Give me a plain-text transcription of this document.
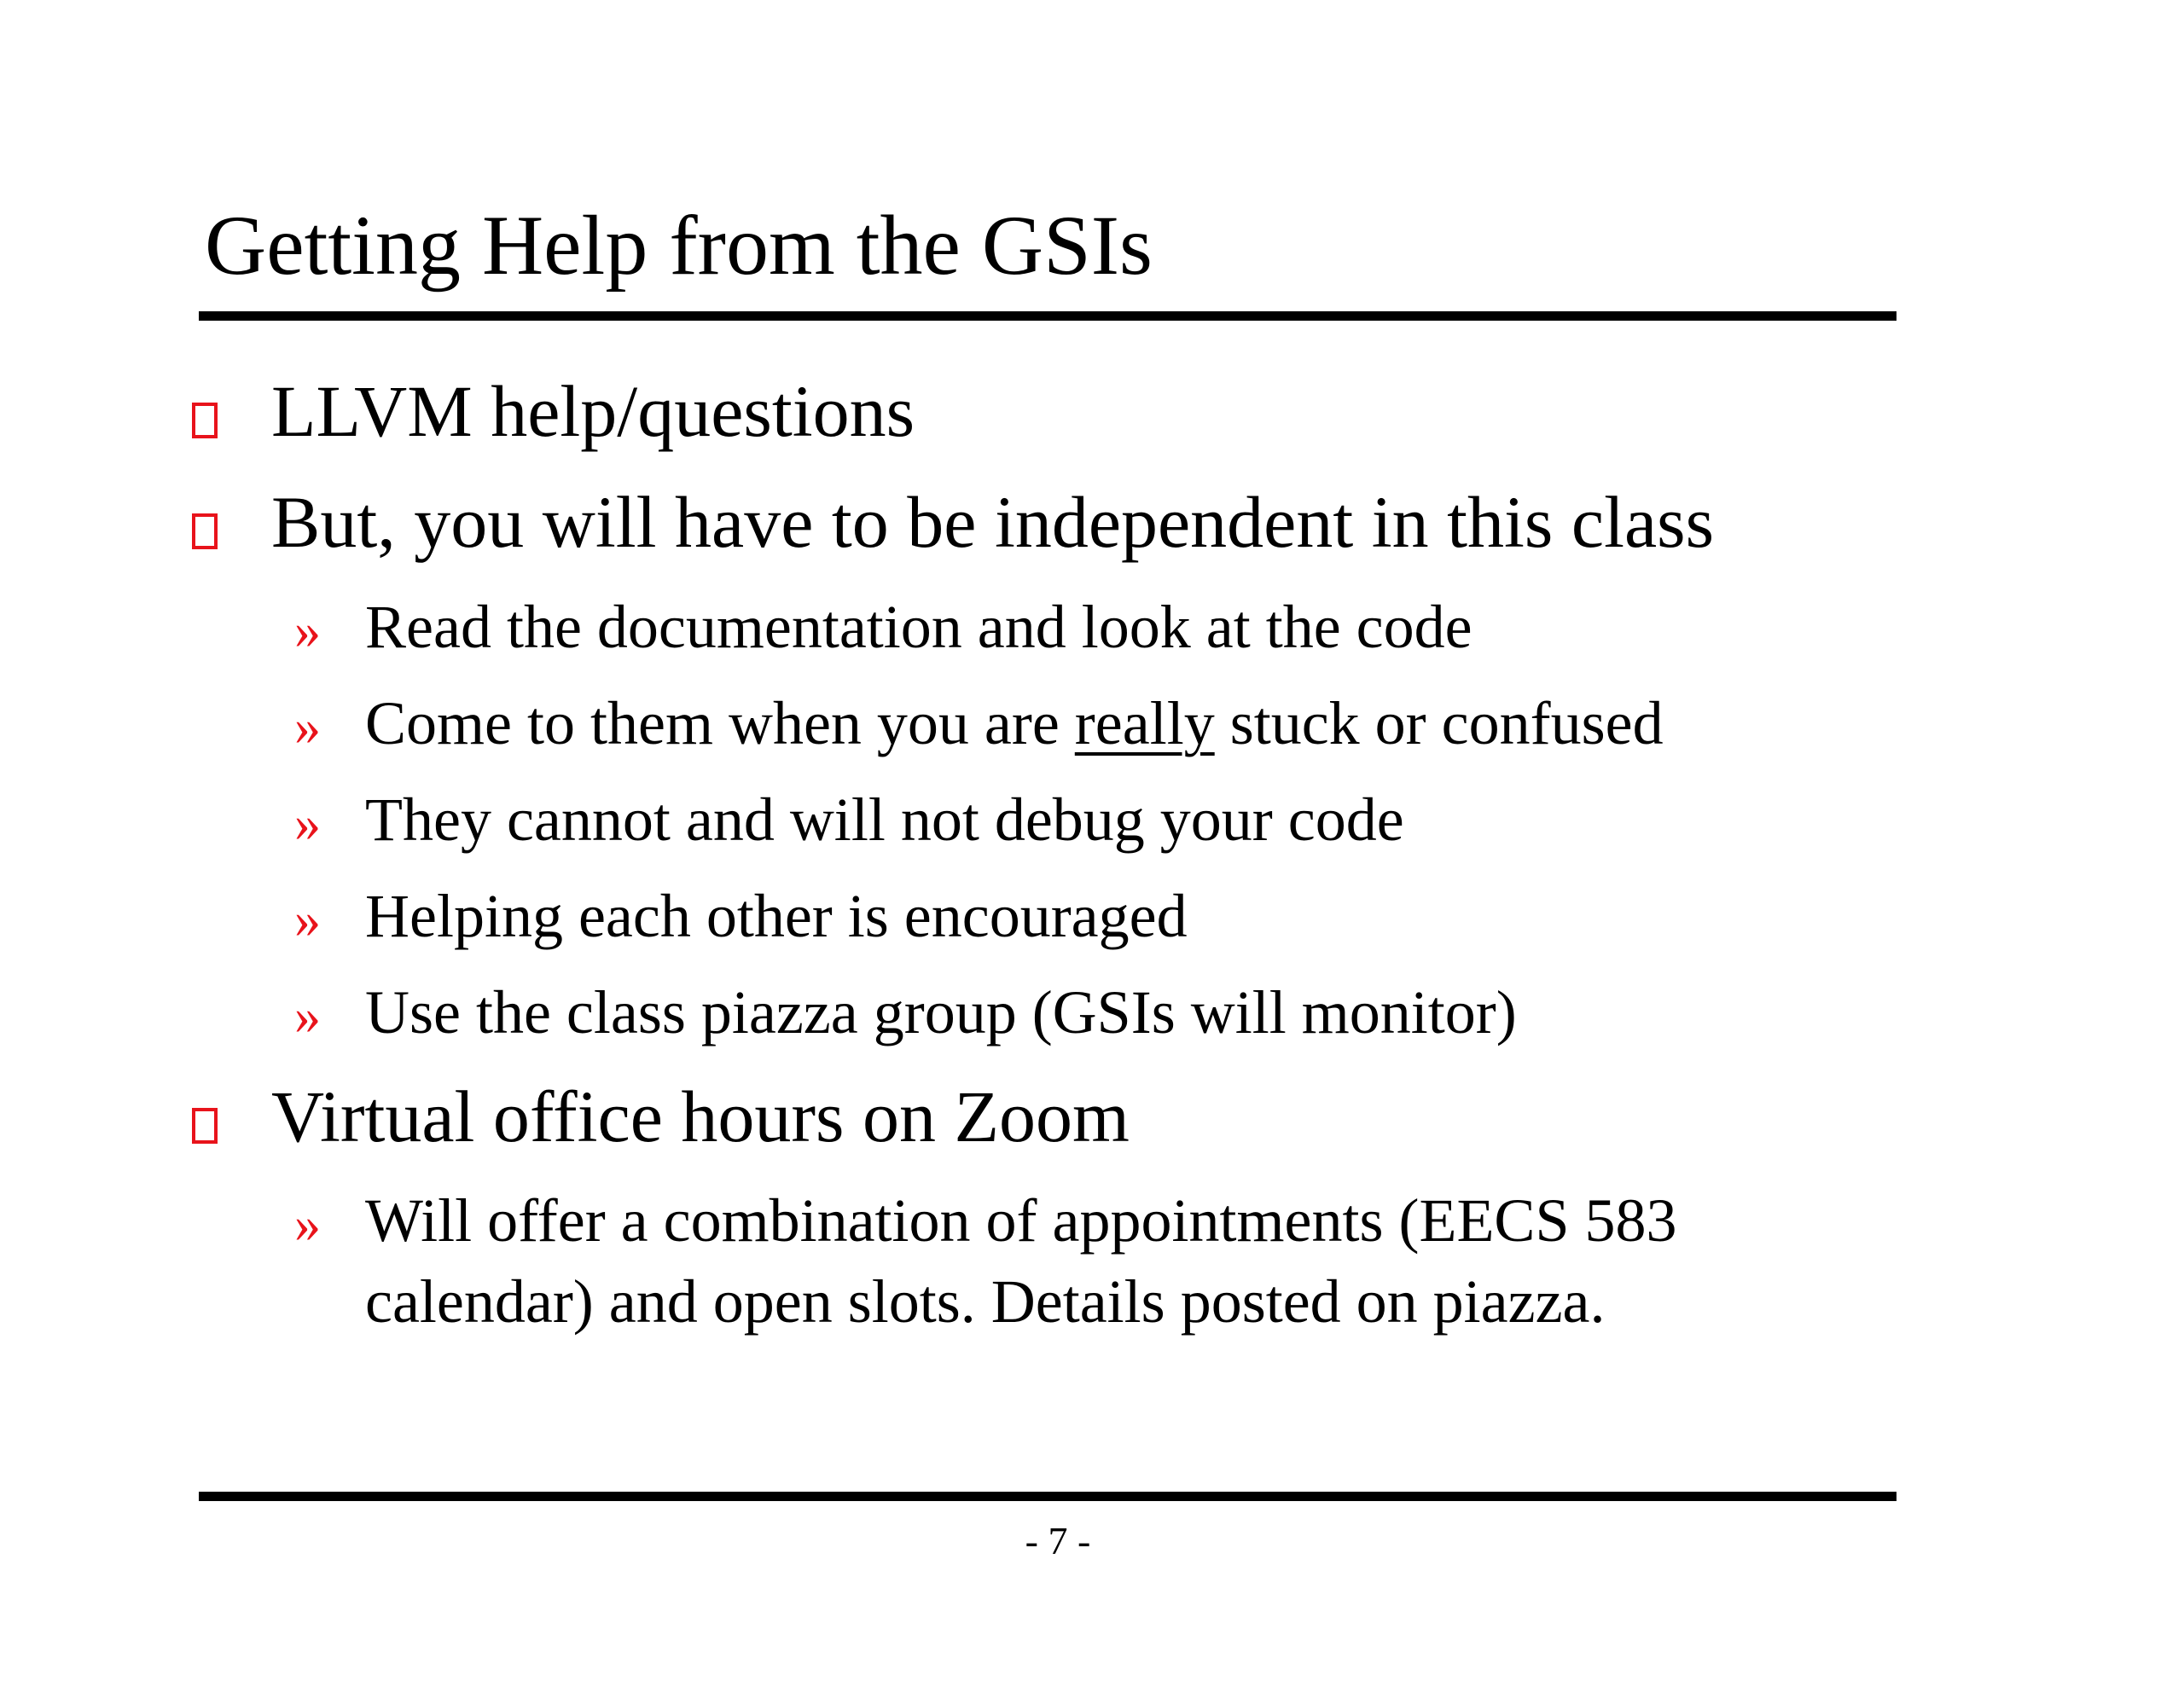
Getting Help from the GSIs
LLVM help/questions
But, you will have to be independent in this class
» Read the documentation and look at the code
» Come to them when you are really stuck or confused
» They cannot and will not debug your code
» Helping each other is encouraged
» Use the class piazza group (GSIs will monitor)
Virtual office hours on Zoom
» Will offer a combination of appointments (EECS 583
calendar) and open slots. Details posted on piazza.
- 7 -
